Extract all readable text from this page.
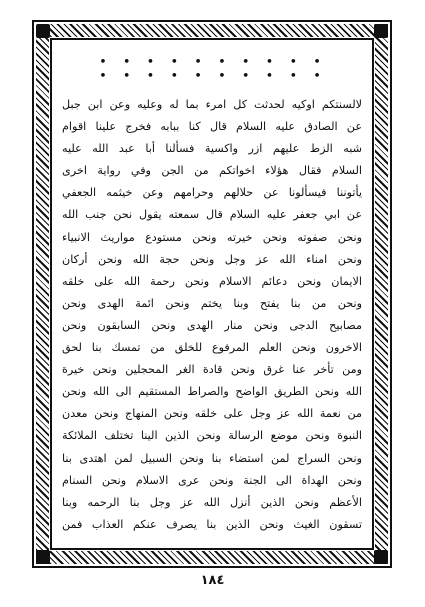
• • • • • • • • • • • • • • • • • • • •
لالسنتكم اوكيه لحدثت كل امرء بما له وعليه وعن ابن جبل
عن الصادق عليه السلام قال كنا ببابه فخرج علينا اقوام
شبه الزط عليهم ازر واكسية فسألنا أبا عبد الله عليه
السلام فقال هؤلاء اخواتكم من الجن وفي رواية اخرى
يأتوننا فيسألونا عن حلالهم وحرامهم وعن خيثمه الجعفي
عن ابي جعفر عليه السلام قال سمعته يقول نحن جنب الله
ونحن صفوته ونحن خيرته ونحن مستودع مواريث الانبياء
ونحن امناء الله عز وجل ونحن حجة الله ونحن أركان
الايمان ونحن دعائم الاسلام ونحن رحمة الله على خلقه
ونحن من بنا يفتح وبنا يختم ونحن ائمة الهدى ونحن
مصابيح الدجى ونحن منار الهدى ونحن السابقون ونحن
الاخرون ونحن العلم المرفوع للخلق من تمسك بنا لحق
ومن تأخر عنا غرق ونحن قادة الغر المحجلين ونحن خيرة
الله ونحن الطريق الواضح والصراط المستقيم الى الله ونحن
من نعمة الله عز وجل على خلقه ونحن المنهاج ونحن معدن
النبوة ونحن موضع الرسالة ونحن الذين الينا تختلف الملائكة
ونحن السراج لمن استضاء بنا ونحن السبيل لمن اهتدى بنا
ونحن الهداة الى الجنة ونحن عرى الاسلام ونحن السنام
الأعظم ونحن الذين أنزل الله عز وجل بنا الرحمه وبنا
تسقون الغيث ونحن الذين بنا يصرف عنكم العذاب فمن
١٨٤
